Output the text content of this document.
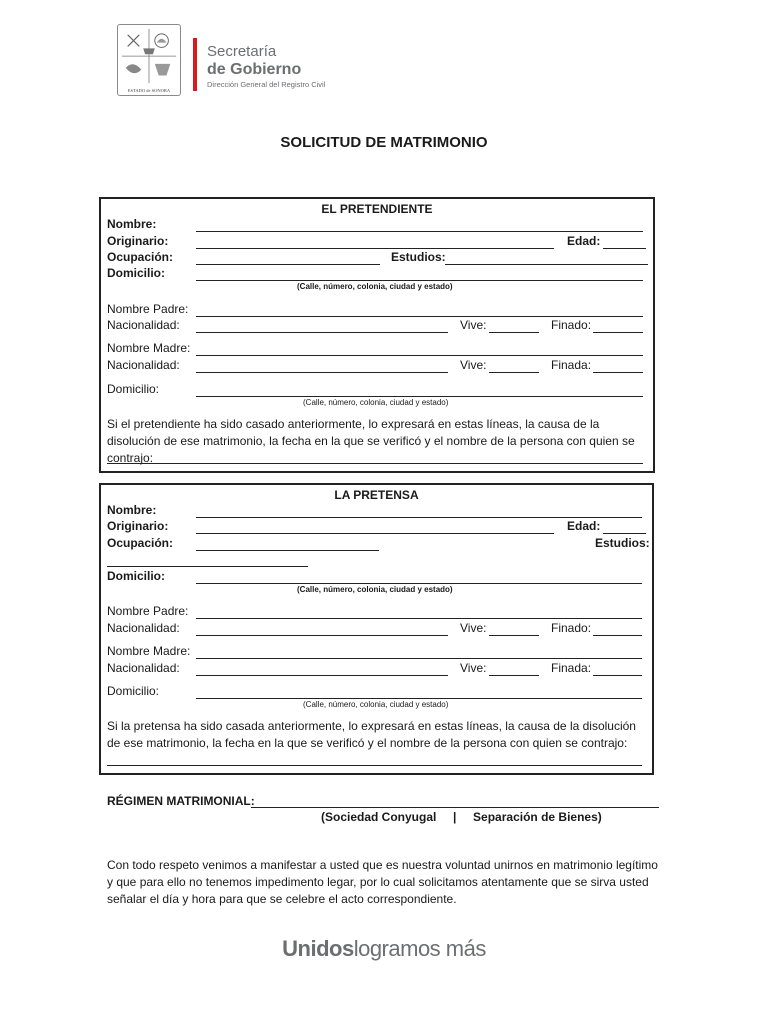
ESTADO de SONORA
Secretaría
de Gobierno
Dirección General del Registro Civil
SOLICITUD DE MATRIMONIO
EL PRETENDIENTE
Nombre:
Originario:	Edad:
Ocupación:	Estudios:
Domicilio:
(Calle, número, colonia, ciudad y estado)
Nombre Padre:
Nacionalidad:	Vive:	Finado:
Nombre Madre:
Nacionalidad:	Vive:	Finada:
Domicilio:
(Calle, número, colonia, ciudad y estado)
Si el pretendiente ha sido casado anteriormente, lo expresará en estas líneas, la causa de la disolución de ese matrimonio, la fecha en la que se verificó y el nombre de la persona con quien se contrajo:
LA PRETENSA
Nombre:
Originario:	Edad:
Ocupación:	Estudios:
Domicilio:
(Calle, número, colonia, ciudad y estado)
Nombre Padre:
Nacionalidad:	Vive:	Finado:
Nombre Madre:
Nacionalidad:	Vive:	Finada:
Domicilio:
(Calle, número, colonia, ciudad y estado)
Si la pretensa ha sido casada anteriormente, lo expresará en estas líneas, la causa de la disolución de ese matrimonio, la fecha en la que se verificó y el nombre de la persona con quien se contrajo:
RÉGIMEN MATRIMONIAL:
(Sociedad Conyugal     |     Separación de Bienes)
Con todo respeto venimos a manifestar a usted que es nuestra voluntad unirnos en matrimonio legítimo y que para ello no tenemos impedimento legar, por lo cual solicitamos atentamente que se sirva usted señalar el día y hora para que se celebre el acto correspondiente.
Unidoslogramos más
